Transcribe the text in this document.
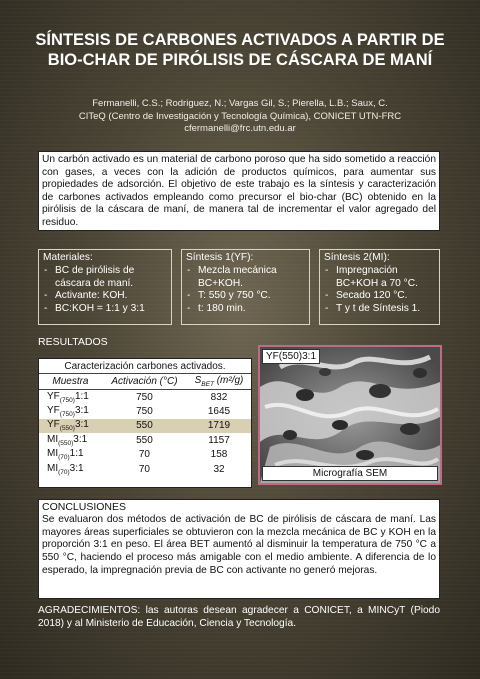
SÍNTESIS DE CARBONES ACTIVADOS A PARTIR DE BIO-CHAR DE PIRÓLISIS DE CÁSCARA DE MANÍ
Fermanelli, C.S.; Rodriguez, N.; Vargas Gil, S.; Pierella, L.B.; Saux, C.
CITeQ (Centro de Investigación y Tecnología Química), CONICET UTN-FRC
cfermanelli@frc.utn.edu.ar
Un carbón activado es un material de carbono poroso que ha sido sometido a reacción con gases, a veces con la adición de productos químicos, para aumentar sus propiedades de adsorción. El objetivo de este trabajo es la síntesis y caracterización de carbones activados empleando como precursor el bio-char (BC) obtenido en la pirólisis de la cáscara de maní, de manera tal de incrementar el valor agregado del residuo.
Materiales:
- BC de pirólisis de cáscara de maní.
- Activante: KOH.
- BC:KOH = 1:1 y 3:1
Síntesis 1(YF):
- Mezcla mecánica BC+KOH.
- T: 550 y 750 °C.
- t: 180 min.
Síntesis 2(MI):
- Impregnación BC+KOH a 70 °C.
- Secado 120 °C.
- T y t de Síntesis 1.
RESULTADOS
Caracterización carbones activados.
Muestra	Activación (°C)	$S_{BET}$ (m²/g)
$YF_{(750)}1:1$	750	832
$YF_{(750)}3:1$	750	1645
$YF_{(550)}3:1$	550	1719
$MI_{(550)}3:1$	550	1157
$MI_{(70)}1:1$	70	158
$MI_{(70)}3:1$	70	32
YF(550)3:1
Micrografía SEM
CONCLUSIONES
Se evaluaron dos métodos de activación de BC de pirólisis de cáscara de maní. Las mayores áreas superficiales se obtuvieron con la mezcla mecánica de BC y KOH en la proporción 3:1 en peso. El área BET aumentó al disminuir la temperatura de 750 °C a 550 °C, haciendo el proceso más amigable con el medio ambiente. A diferencia de lo esperado, la impregnación previa de BC con activante no generó mejoras.
AGRADECIMIENTOS: las autoras desean agradecer a CONICET, a MINCyT (Piodo 2018) y al Ministerio de Educación, Ciencia y Tecnología.
